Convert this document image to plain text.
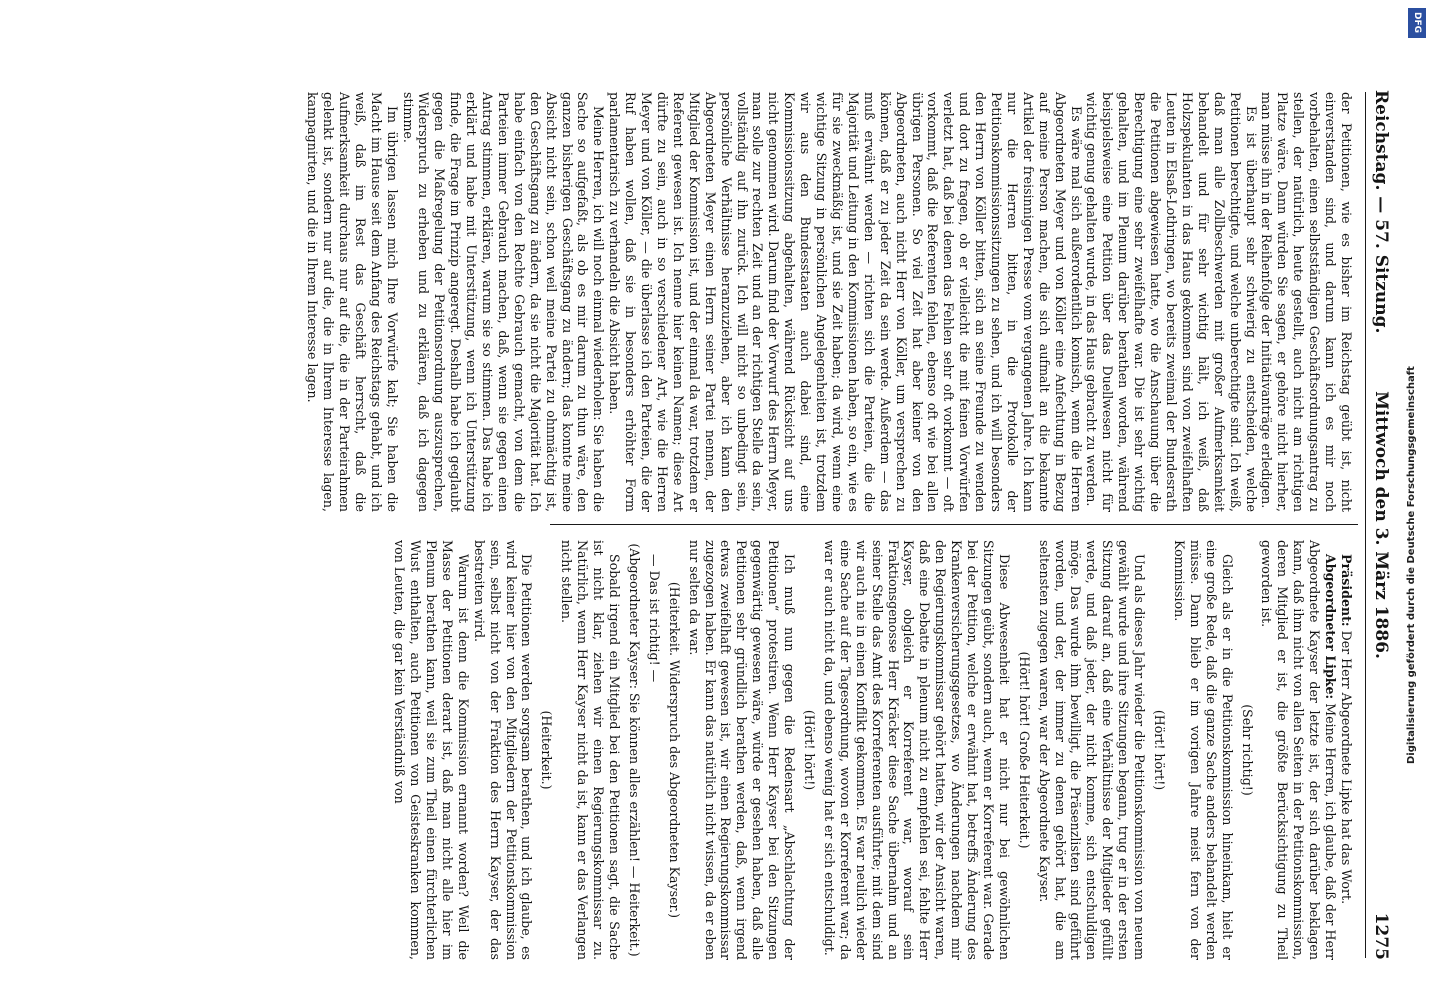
Reichstag. — 57. Sitzung.
Mittwoch den 3. März 1886.
1275

der Petitionen, wie es bisher im Reichstag geübt ist, nicht einverstanden sind, und darum kann ich es mir noch vorbehalten, einen selbstständigen Geschäftsordnungsantrag zu stellen, der natürlich, heute gestellt, auch nicht am richtigen Platze wäre. Dann würden Sie sagen, er gehöre nicht hierher, man müsse ihn in der Reihenfolge der Initiativanträge erledigen.

Es ist überhaupt sehr schwierig zu entscheiden, welche Petitionen berechtigte, und welche unberechtigte sind. Ich weiß, daß man alle Zollbeschwerden mit großer Aufmerksamkeit behandelt und für sehr wichtig hält, ich weiß, daß Holzspekulanten in das Haus gekommen sind von zweifelhaften Leuten in Elsaß-Lothringen, wo bereits zweimal der Bundesrath die Petitionen abgewiesen hatte, wo die Anschauung über die Berechtigung eine sehr zweifelhafte war. Die ist sehr wichtig gehalten, und im Plenum darüber berathen worden, während beispielsweise eine Petition über das Duellwesen nicht für wichtig genug gehalten wurde, in das Haus gebracht zu werden.

Es wäre mal sich außerordentlich komisch, wenn die Herren Abgeordneten Meyer und von Köller eine Anfechtung in Bezug auf meine Person machen, die sich aufmalt an die bekannte Artikel der freisinnigen Presse vom vergangenen Jahre. Ich kann nur die Herren bitten, in die Protokolle der Petitionskommissionssitzungen zu sehen, und ich will besonders den Herrn von Köller bitten, sich an seine Freunde zu wenden und dort zu fragen, ob er vielleicht die mit feinen Vorwürfen verletzt hat, daß bei denen das Fehlen sehr oft vorkommt — oft vorkommt, daß die Referenten fehlen, ebenso oft wie bei allen übrigen Personen. So viel Zeit hat aber keiner von den Abgeordneten, auch nicht Herr von Köller, um versprechen zu können, daß er zu jeder Zeit da sein werde. Außerdem — das muß erwähnt werden — richten sich die Parteien, die die Majorität und Leitung in den Kommissionen haben, so ein, wie es für sie zweckmäßig ist, und sie Zeit haben; da wird, wenn eine wichtige Sitzung in persönlichen Angelegenheiten ist, trotzdem wir aus den Bundesstaaten auch dabei sind, eine Kommissionssitzung abgehalten, während Rücksicht auf uns nicht genommen wird. Darum find der Vorwurf des Herrn Meyer, man solle zur rechten Zeit und an der richtigen Stelle da sein, vollständig auf ihn zurück. Ich will nicht so unbedingt sein, persönliche Verhältnisse heranzuziehen, aber ich kann den Abgeordneten Meyer einen Herrn seiner Partei nennen, der Mitglied der Kommission ist, und der einmal da war, trotzdem er Referent gewesen ist. Ich nenne hier keinen Namen; diese Art dürfte zu sein, auch in so verschiedener Art, wie die Herren Meyer und von Köller, — die überlasse ich den Parteien, die der Ruf haben wollen, daß sie in besonders erhöhter Form parlamentarisch zu verhandeln die Absicht haben.

Meine Herren, ich will noch einmal wiederholen: Sie haben die Sache so aufgefaßt, als ob es mir darum zu thun wäre, den ganzen bisherigen Geschäftsgang zu ändern; das konnte meine Absicht nicht sein, schon weil meine Partei zu ohnmächtig ist, den Geschäftsgang zu ändern, da sie nicht die Majorität hat. Ich habe einfach von den Rechte Gebrauch gemacht, von dem die Parteien immer Gebrauch machen, daß, wenn sie gegen einen Antrag stimmen, erklären, warum sie so stimmen. Das habe ich erklärt und habe mit Unterstützung, wenn ich Unterstützung finde, die Frage im Prinzip angeregt. Deshalb habe ich geglaubt gegen die Maßregelung der Petitionsordnung auszusprechen, Widerspruch zu erheben und zu erklären, daß ich dagegen stimme.

Im übrigen lassen mich Ihre Vorwürfe kalt; Sie haben die Macht im Hause seit dem Anfang des Reichstags gehabt, und ich weiß, daß im Rest das Geschäft herrscht, daß die Aufmerksamkeit durchaus nur auf die, die in der Parteirahmen gelenkt ist, sondern nur auf die, die in Ihrem Interesse lagen, kampagnirten, und die in Ihrem Interesse lagen.

Präsident: Der Herr Abgeordnete Lipke hat das Wort.

Abgeordneter Lipke: Meine Herren, ich glaube, daß der Herr Abgeordnete Kayser der letzte ist, der sich darüber beklagen kann, daß ihm nicht von allen Seiten in der Petitionskommission, deren Mitglied er ist, die größte Berücksichtigung zu Theil geworden ist.

(Sehr richtig!)

Gleich als er in die Petitionskommission hineinkam, hielt er eine große Rede, daß die ganze Sache anders behandelt werden müsse. Dann blieb er im vorigen Jahre meist fern von der Kommission.

(Hört! hört!)

Und als dieses Jahr wieder die Petitionskommission von neuem gewählt wurde und ihre Sitzungen begann, trug er in der ersten Sitzung darauf an, daß eine Verhältnisse der Mitglieder gefüllt werde, und daß jeder, der nicht komme, sich entschuldigen möge. Das wurde ihm bewilligt, die Präsenzlisten sind geführt worden, und der, der immer zu denen gehört hat, die am seltensten zugegen waren, war der Abgeordnete Kayser.

(Hört! hört! Große Heiterkeit.)

Diese Abwesenheit hat er nicht nur bei gewöhnlichen Sitzungen geübt, sondern auch, wenn er Korreferent war. Gerade bei der Petition, welche er erwähnt hat, betreffs Änderung des Krankenversicherungsgesetzes, wo Änderungen nachdem mir den Regierungskommissar gehört hatten, wir der Ansicht waren, daß eine Debatte in plenum nicht zu empfehlen sei, fehlte Herr Kayser, obgleich er Korreferent war, worauf sein Fraktionsgenosse Herr Kräcker diese Sache übernahm und an seiner Stelle das Amt des Korreferenten ausführte; mit dem sind wir auch nie in einen Konflikt gekommen. Es war neulich wieder eine Sache auf der Tagesordnung, wovon er Korreferent war; da war er auch nicht da, und ebenso wenig hat er sich entschuldigt.

(Hört! hört!)

Ich muß nun gegen die Redensart „Abschlachtung der Petitionen“ protestiren. Wenn Herr Kayser bei den Sitzungen gegenwärtig gewesen wäre, würde er gesehen haben, daß alle Petitionen sehr gründlich berathen werden, daß, wenn irgend etwas zweifelhaft gewesen ist, wir einen Regierungskommissar zugezogen haben. Er kann das natürlich nicht wissen, da er eben nur selten da war.

(Heiterkeit. Widerspruch des Abgeordneten Kayser.)

— Das ist richtig! —

(Abgeordneter Kayser: Sie können alles erzählen! — Heiterkeit.)

Sobald irgend ein Mitglied bei den Petitionen sagt, die Sache ist nicht klar, ziehen wir einen Regierungskommissar zu. Natürlich, wenn Herr Kayser nicht da ist, kann er das Verlangen nicht stellen.

(Heiterkeit.)

Die Petitionen werden sorgsam berathen, und ich glaube, es wird keiner hier von den Mitgliedern der Petitionskommission sein, selbst nicht von der Fraktion des Herrn Kayser, der das bestreiten wird.

Warum ist denn die Kommission ernannt worden? Weil die Masse der Petitionen derart ist, daß man nicht alle hier im Plenum berathen kann, weil sie zum Theil einen fürchterlichen Wust enthalten, auch Petitionen von Geisteskranken kommen, von Leuten, die gar kein Verständniß von

DFG
Digitalisierung gefördert durch die Deutsche Forschungsgemeinschaft
